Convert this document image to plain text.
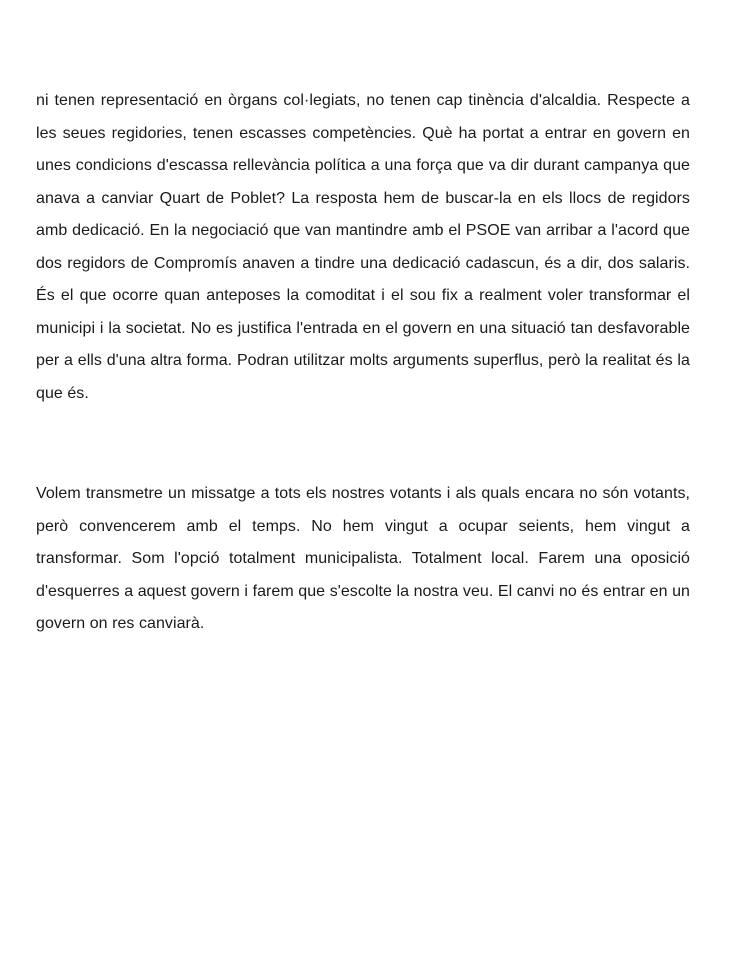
ni tenen representació en òrgans col·legiats, no tenen cap tinència d'alcaldia. Respecte a les seues regidories, tenen escasses competències. Què ha portat a entrar en govern en unes condicions d'escassa rellevància política a una força que va dir durant campanya que anava a canviar Quart de Poblet? La resposta hem de buscar-la en els llocs de regidors amb dedicació. En la negociació que van mantindre amb el PSOE van arribar a l'acord que dos regidors de Compromís anaven a tindre una dedicació cadascun, és a dir, dos salaris. És el que ocorre quan anteposes la comoditat i el sou fix a realment voler transformar el municipi i la societat. No es justifica l'entrada en el govern en una situació tan desfavorable per a ells d'una altra forma. Podran utilitzar molts arguments superflus, però la realitat és la que és.

Volem transmetre un missatge a tots els nostres votants i als quals encara no són votants, però convencerem amb el temps. No hem vingut a ocupar seients, hem vingut a transformar. Som l'opció totalment municipalista. Totalment local. Farem una oposició d'esquerres a aquest govern i farem que s'escolte la nostra veu. El canvi no és entrar en un govern on res canviarà.
